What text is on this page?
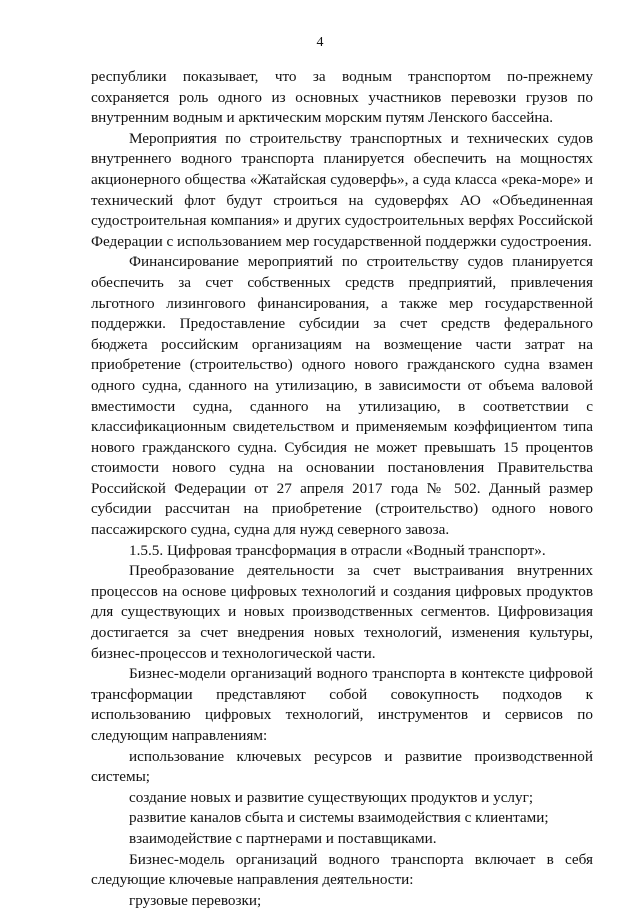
4

республики показывает, что за водным транспортом по-прежнему сохраняется роль одного из основных участников перевозки грузов по внутренним водным и арктическим морским путям Ленского бассейна.

Мероприятия по строительству транспортных и технических судов внутреннего водного транспорта планируется обеспечить на мощностях акционерного общества «Жатайская судоверфь», а суда класса «река-море» и технический флот будут строиться на судоверфях АО «Объединенная судостроительная компания» и других судостроительных верфях Российской Федерации с использованием мер государственной поддержки судостроения.

Финансирование мероприятий по строительству судов планируется обеспечить за счет собственных средств предприятий, привлечения льготного лизингового финансирования, а также мер государственной поддержки. Предоставление субсидии за счет средств федерального бюджета российским организациям на возмещение части затрат на приобретение (строительство) одного нового гражданского судна взамен одного судна, сданного на утилизацию, в зависимости от объема валовой вместимости судна, сданного на утилизацию, в соответствии с классификационным свидетельством и применяемым коэффициентом типа нового гражданского судна. Субсидия не может превышать 15 процентов стоимости нового судна на основании постановления Правительства Российской Федерации от 27 апреля 2017 года № 502. Данный размер субсидии рассчитан на приобретение (строительство) одного нового пассажирского судна, судна для нужд северного завоза.

1.5.5. Цифровая трансформация в отрасли «Водный транспорт».

Преобразование деятельности за счет выстраивания внутренних процессов на основе цифровых технологий и создания цифровых продуктов для существующих и новых производственных сегментов. Цифровизация достигается за счет внедрения новых технологий, изменения культуры, бизнес-процессов и технологической части.

Бизнес-модели организаций водного транспорта в контексте цифровой трансформации представляют собой совокупность подходов к использованию цифровых технологий, инструментов и сервисов по следующим направлениям:

использование ключевых ресурсов и развитие производственной системы;

создание новых и развитие существующих продуктов и услуг;

развитие каналов сбыта и системы взаимодействия с клиентами;

взаимодействие с партнерами и поставщиками.

Бизнес-модель организаций водного транспорта включает в себя следующие ключевые направления деятельности:

грузовые перевозки;
